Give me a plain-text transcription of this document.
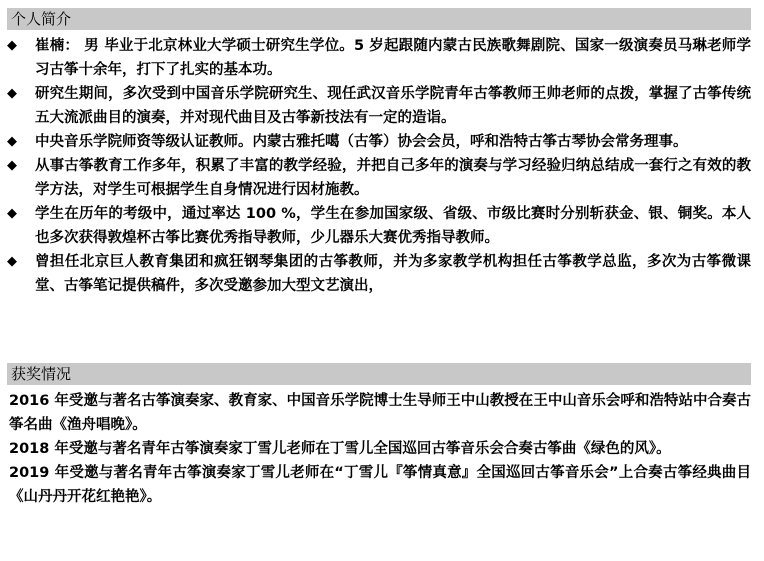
个人简介
◆	崔楠： 男 毕业于北京林业大学硕士研究生学位。5 岁起跟随内蒙古民族歌舞剧院、国家一级演奏员马琳老师学习古筝十余年，打下了扎实的基本功。
◆	研究生期间，多次受到中国音乐学院研究生、现任武汉音乐学院青年古筝教师王帅老师的点拨，掌握了古筝传统五大流派曲目的演奏，并对现代曲目及古筝新技法有一定的造诣。
◆	中央音乐学院师资等级认证教师。内蒙古雅托噶（古筝）协会会员，呼和浩特古筝古琴协会常务理事。
◆	从事古筝教育工作多年，积累了丰富的教学经验，并把自己多年的演奏与学习经验归纳总结成一套行之有效的教学方法，对学生可根据学生自身情况进行因材施教。
◆	学生在历年的考级中，通过率达 100 %，学生在参加国家级、省级、市级比赛时分别斩获金、银、铜奖。本人也多次获得敦煌杯古筝比赛优秀指导教师，少儿器乐大赛优秀指导教师。
◆	曾担任北京巨人教育集团和疯狂钢琴集团的古筝教师，并为多家教学机构担任古筝教学总监，多次为古筝微课堂、古筝笔记提供稿件，多次受邀参加大型文艺演出，
获奖情况
2016 年受邀与著名古筝演奏家、教育家、中国音乐学院博士生导师王中山教授在王中山音乐会呼和浩特站中合奏古筝名曲《渔舟唱晚》。
2018 年受邀与著名青年古筝演奏家丁雪儿老师在丁雪儿全国巡回古筝音乐会合奏古筝曲《绿色的风》。
2019 年受邀与著名青年古筝演奏家丁雪儿老师在“丁雪儿『筝情真意』全国巡回古筝音乐会”上合奏古筝经典曲目《山丹丹开花红艳艳》。
